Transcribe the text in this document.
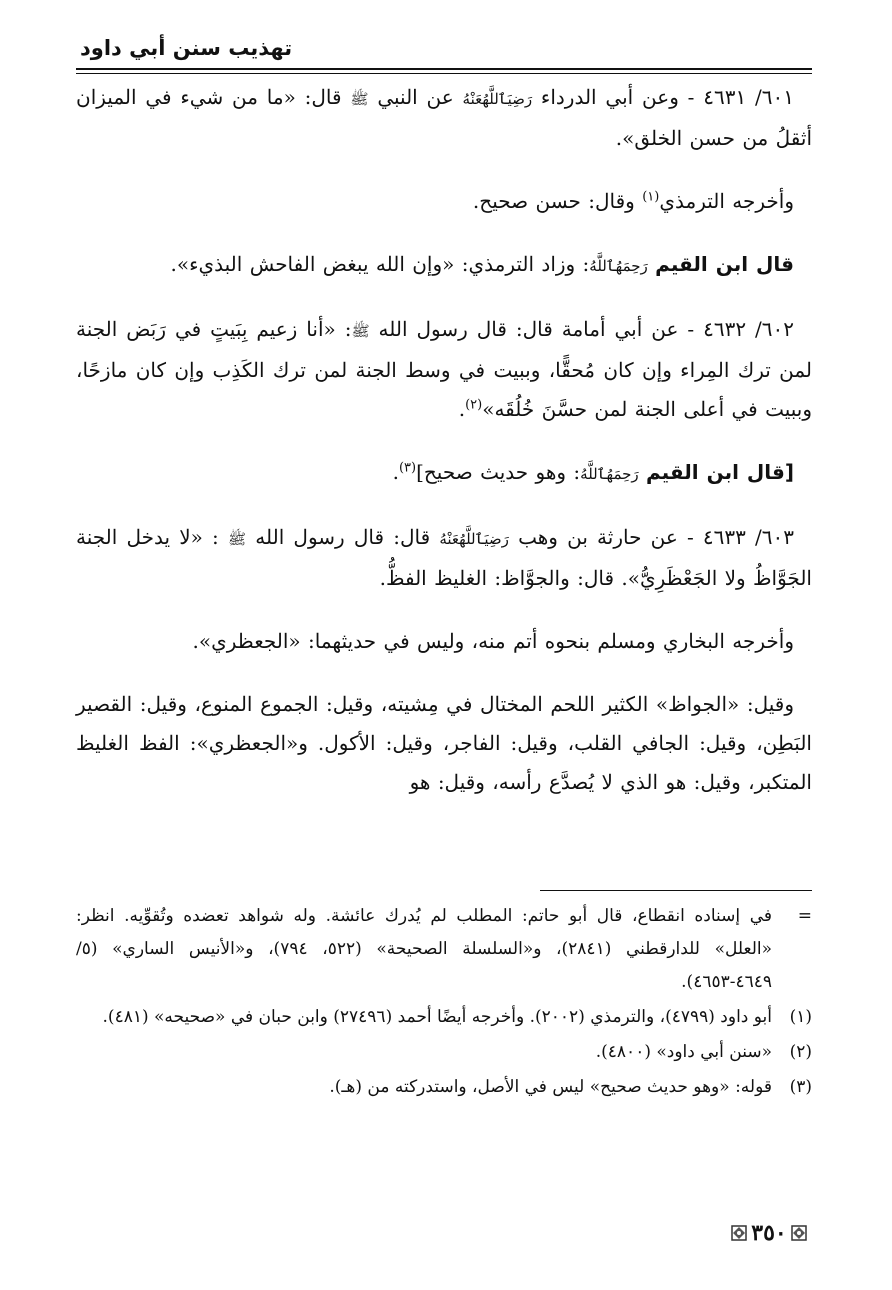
تهذيب سنن أبي داود

٦٠١/ ٤٦٣١ - وعن أبي الدرداء رَضِيَٱللَّهُعَنْهُ عن النبي ﷺ قال: «ما من شيء في الميزان أثقلُ من حسن الخلق».

وأخرجه الترمذي$^{(١)}$ وقال: حسن صحيح.

قال ابن القيم رَحِمَهُٱللَّهُ: وزاد الترمذي: «وإن الله يبغض الفاحش البذيء».

٦٠٢/ ٤٦٣٢ - عن أبي أمامة قال: قال رسول الله ﷺ: «أنا زعيم بِبَيتٍ في رَبَض الجنة لمن ترك المِراء وإن كان مُحقًّا، وببيت في وسط الجنة لمن ترك الكَذِب وإن كان مازحًا، وببيت في أعلى الجنة لمن حسَّنَ خُلُقَه»$^{(٢)}$.

[قال ابن القيم رَحِمَهُٱللَّهُ: وهو حديث صحيح]$^{(٣)}$.

٦٠٣/ ٤٦٣٣ - عن حارثة بن وهب رَضِيَٱللَّهُعَنْهُ قال: قال رسول الله ﷺ : «لا يدخل الجنة الجَوَّاظُ ولا الجَعْظَرِيُّ». قال: والجوَّاظ: الغليظ الفظُّ.

وأخرجه البخاري ومسلم بنحوه أتم منه، وليس في حديثهما: «الجعظري».

وقيل: «الجواظ» الكثير اللحم المختال في مِشيته، وقيل: الجموع المنوع، وقيل: القصير البَطِن، وقيل: الجافي القلب، وقيل: الفاجر، وقيل: الأكول. و«الجعظري»: الفظ الغليظ المتكبر، وقيل: هو الذي لا يُصدَّع رأسه، وقيل: هو

=
في إسناده انقطاع، قال أبو حاتم: المطلب لم يُدرك عائشة. وله شواهد تعضده وتُقوِّيه. انظر: «العلل» للدارقطني (٢٨٤١)، و«السلسلة الصحيحة» (٥٢٢، ٧٩٤)، و«الأنيس الساري» (٥/ ٤٦٤٩-٤٦٥٣).
(١)
أبو داود (٤٧٩٩)، والترمذي (٢٠٠٢). وأخرجه أيضًا أحمد (٢٧٤٩٦) وابن حبان في «صحيحه» (٤٨١).
(٢)
«سنن أبي داود» (٤٨٠٠).
(٣)
قوله: «وهو حديث صحيح» ليس في الأصل، واستدركته من (هـ).
٣٥٠
